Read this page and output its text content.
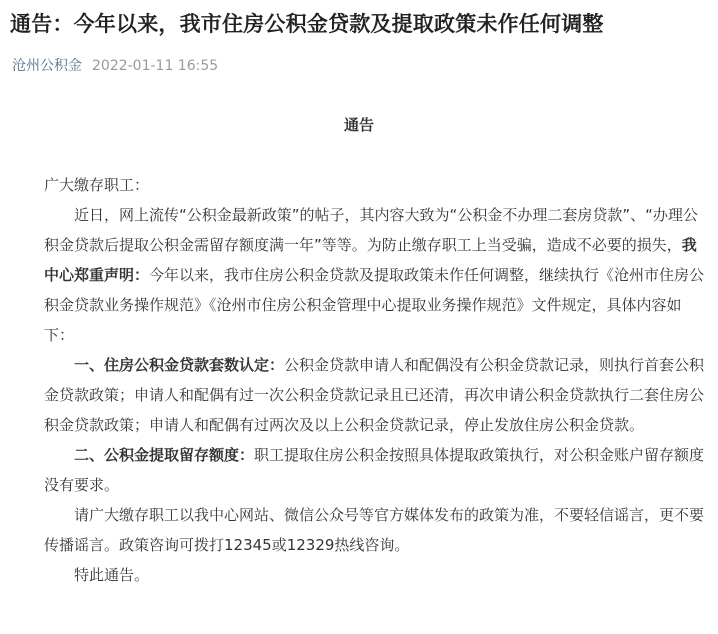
通告：今年以来，我市住房公积金贷款及提取政策未作任何调整
沧州公积金 2022-01-11 16:55
通告

广大缴存职工：

近日，网上流传“公积金最新政策”的帖子，其内容大致为“公积金不办理二套房贷款”、“办理公积金贷款后提取公积金需留存额度满一年”等等。为防止缴存职工上当受骗，造成不必要的损失，我中心郑重声明：今年以来，我市住房公积金贷款及提取政策未作任何调整，继续执行《沧州市住房公积金贷款业务操作规范》《沧州市住房公积金管理中心提取业务操作规范》文件规定，具体内容如下：

一、住房公积金贷款套数认定：公积金贷款申请人和配偶没有公积金贷款记录，则执行首套公积金贷款政策；申请人和配偶有过一次公积金贷款记录且已还清，再次申请公积金贷款执行二套住房公积金贷款政策；申请人和配偶有过两次及以上公积金贷款记录，停止发放住房公积金贷款。

二、公积金提取留存额度：职工提取住房公积金按照具体提取政策执行，对公积金账户留存额度没有要求。

请广大缴存职工以我中心网站、微信公众号等官方媒体发布的政策为准，不要轻信谣言，更不要传播谣言。政策咨询可拨打12345或12329热线咨询。

特此通告。
